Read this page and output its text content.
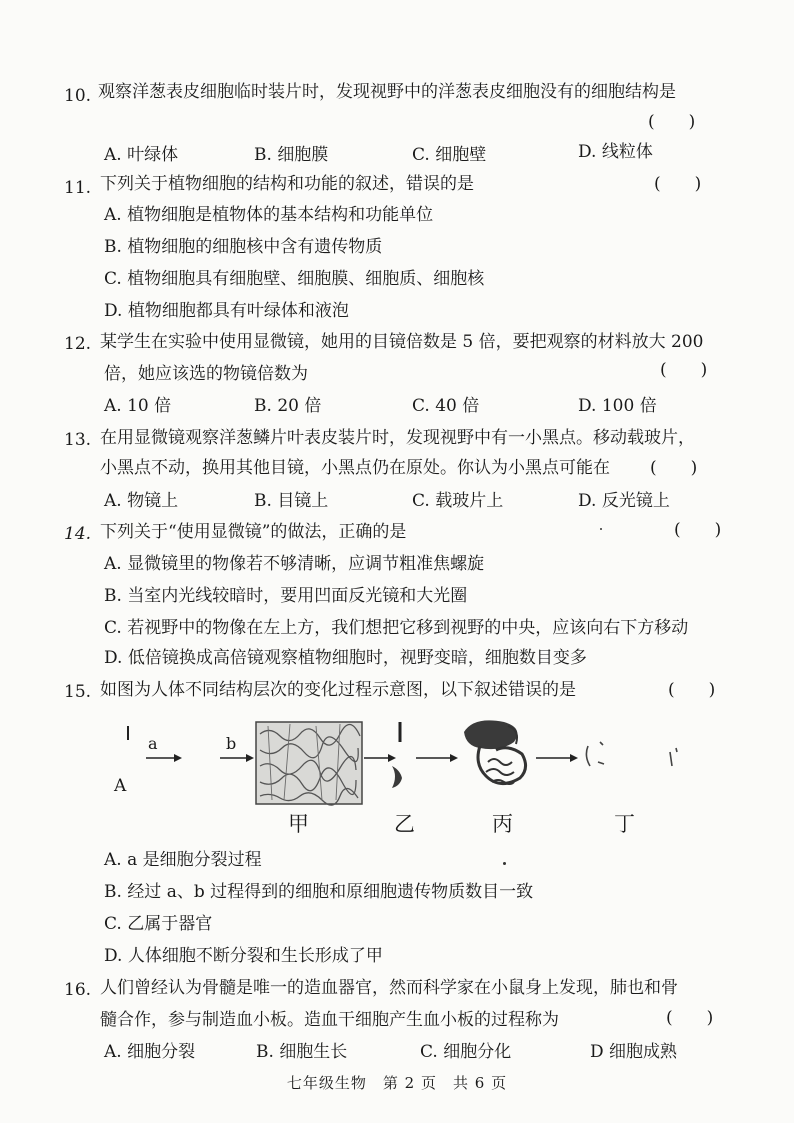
10. 观察洋葱表皮细胞临时装片时，发现视野中的洋葱表皮细胞没有的细胞结构是
(　　)
A. 叶绿体	B. 细胞膜	C. 细胞壁	D. 线粒体
11. 下列关于植物细胞的结构和功能的叙述，错误的是	(　　)
A. 植物细胞是植物体的基本结构和功能单位
B. 植物细胞的细胞核中含有遗传物质
C. 植物细胞具有细胞壁、细胞膜、细胞质、细胞核
D. 植物细胞都具有叶绿体和液泡
12. 某学生在实验中使用显微镜，她用的目镜倍数是 5 倍，要把观察的材料放大 200
倍，她应该选的物镜倍数为	(　　)
A. 10 倍	B. 20 倍	C. 40 倍	D. 100 倍
13. 在用显微镜观察洋葱鳞片叶表皮装片时，发现视野中有一小黑点。移动载玻片，
小黑点不动，换用其他目镜，小黑点仍在原处。你认为小黑点可能在 (　　)
A. 物镜上	B. 目镜上	C. 载玻片上	D. 反光镜上
14. 下列关于“使用显微镜”的做法，正确的是	(　　)
A. 显微镜里的物像若不够清晰，应调节粗准焦螺旋
B. 当室内光线较暗时，要用凹面反光镜和大光圈
C. 若视野中的物像在左上方，我们想把它移到视野的中央，应该向右下方移动
D. 低倍镜换成高倍镜观察植物细胞时，视野变暗，细胞数目变多
15. 如图为人体不同结构层次的变化过程示意图，以下叙述错误的是	(　　)
A
a	b
甲	乙	丙	丁
A. a 是细胞分裂过程
B. 经过 a、b 过程得到的细胞和原细胞遗传物质数目一致
C. 乙属于器官
D. 人体细胞不断分裂和生长形成了甲
16. 人们曾经认为骨髓是唯一的造血器官，然而科学家在小鼠身上发现，肺也和骨
髓合作，参与制造血小板。造血干细胞产生血小板的过程称为	(　　)
A. 细胞分裂	B. 细胞生长	C. 细胞分化	D 细胞成熟
七年级生物　第 2 页　共 6 页
